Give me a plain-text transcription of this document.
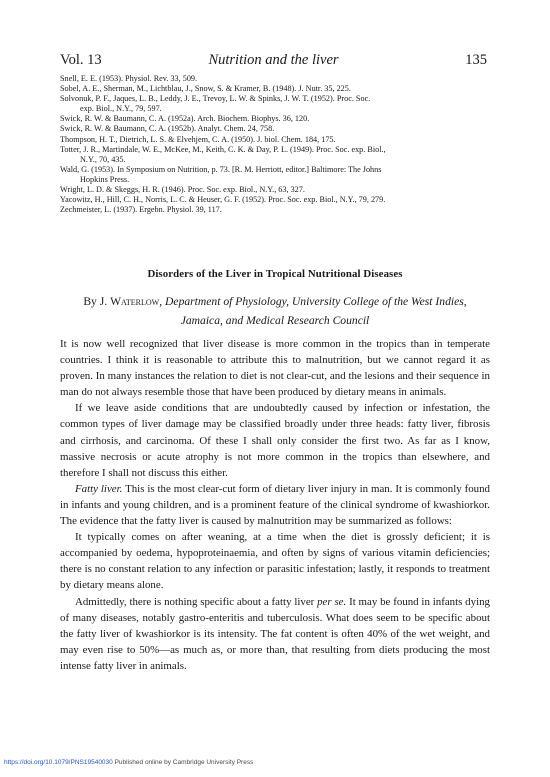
Vol. 13	Nutrition and the liver	135

Snell, E. E. (1953). Physiol. Rev. 33, 509.

Sobel, A. E., Sherman, M., Lichtblau, J., Snow, S. & Kramer, B. (1948). J. Nutr. 35, 225.

Solvonuk, P. F., Jaques, L. B., Leddy, J. E., Trevoy, L. W. & Spinks, J. W. T. (1952). Proc. Soc.

exp. Biol., N.Y., 79, 597.

Swick, R. W. & Baumann, C. A. (1952a). Arch. Biochem. Biophys. 36, 120.

Swick, R. W. & Baumann, C. A. (1952b). Analyt. Chem. 24, 758.

Thompson, H. T., Dietrich, L. S. & Elvehjem, C. A. (1950). J. biol. Chem. 184, 175.

Totter, J. R., Martindale, W. E., McKee, M., Keith, C. K. & Day, P. L. (1949). Proc. Soc. exp. Biol.,

N.Y., 70, 435.

Wald, G. (1953). In Symposium on Nutrition, p. 73. [R. M. Herriott, editor.] Baltimore: The Johns

Hopkins Press.

Wright, L. D. & Skeggs, H. R. (1946). Proc. Soc. exp. Biol., N.Y., 63, 327.

Yacowitz, H., Hill, C. H., Norris, L. C. & Heuser, G. F. (1952). Proc. Soc. exp. Biol., N.Y., 79, 279.

Zechmeister, L. (1937). Ergebn. Physiol. 39, 117.

Disorders of the Liver in Tropical Nutritional Diseases
By J. Waterlow, Department of Physiology, University College of the West Indies,
Jamaica, and Medical Research Council

It is now well recognized that liver disease is more common in the tropics than in temperate countries. I think it is reasonable to attribute this to malnutrition, but we cannot regard it as proven. In many instances the relation to diet is not clear-cut, and the lesions and their sequence in man do not always resemble those that have been produced by dietary means in animals.

If we leave aside conditions that are undoubtedly caused by infection or infestation, the common types of liver damage may be classified broadly under three heads: fatty liver, fibrosis and cirrhosis, and carcinoma. Of these I shall only consider the first two. As far as I know, massive necrosis or acute atrophy is not more common in the tropics than elsewhere, and therefore I shall not discuss this either.

Fatty liver. This is the most clear-cut form of dietary liver injury in man. It is commonly found in infants and young children, and is a prominent feature of the clinical syndrome of kwashiorkor. The evidence that the fatty liver is caused by malnutrition may be summarized as follows:

It typically comes on after weaning, at a time when the diet is grossly deficient; it is accompanied by oedema, hypoproteinaemia, and often by signs of various vitamin deficiencies; there is no constant relation to any infection or parasitic infestation; lastly, it responds to treatment by dietary means alone.

Admittedly, there is nothing specific about a fatty liver per se. It may be found in infants dying of many diseases, notably gastro-enteritis and tuberculosis. What does seem to be specific about the fatty liver of kwashiorkor is its intensity. The fat content is often 40% of the wet weight, and may even rise to 50%—as much as, or more than, that resulting from diets producing the most intense fatty liver in animals.

https://doi.org/10.1079/PNS19540030 Published online by Cambridge University Press
